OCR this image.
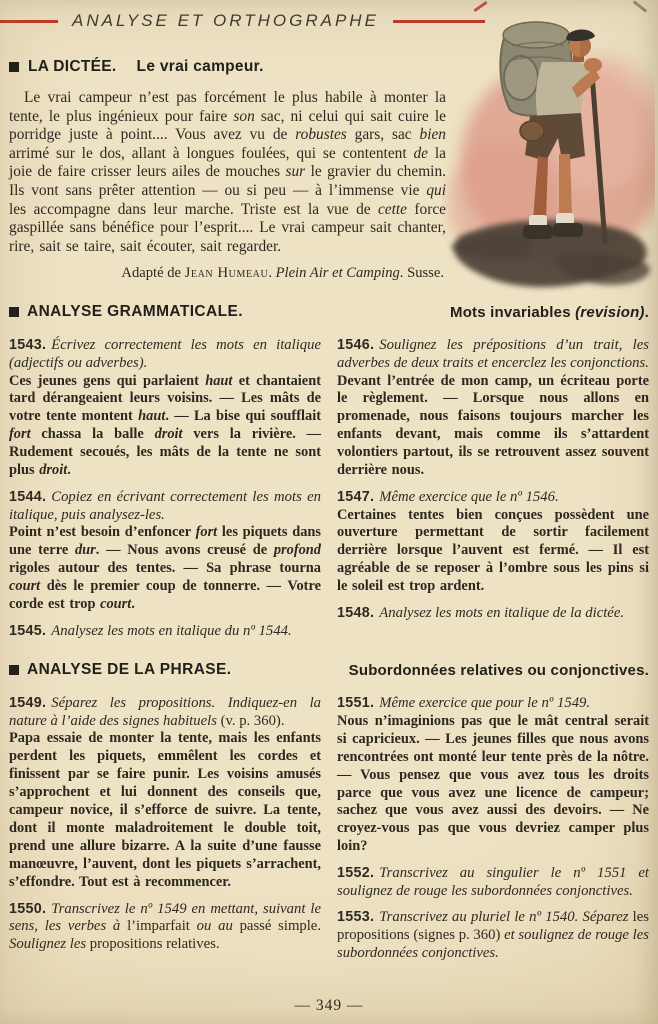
ANALYSE ET ORTHOGRAPHE
LA DICTÉE. Le vrai campeur.

Le vrai campeur n’est pas forcément le plus habile à monter la tente, le plus ingénieux pour faire son sac, ni celui qui sait cuire le porridge juste à point.... Vous avez vu de robustes gars, sac bien arrimé sur le dos, allant à longues foulées, qui se contentent de la joie de faire crisser leurs ailes de mouches sur le gravier du chemin. Ils vont sans prêter attention — ou si peu — à l’immense vie qui les accompagne dans leur marche. Triste est la vue de cette force gaspillée sans bénéfice pour l’esprit.... Le vrai campeur sait chanter, rire, sait se taire, sait écouter, sait regarder.

Adapté de Jean Humeau. Plein Air et Camping. Susse.

ANALYSE GRAMMATICALE.	Mots invariables (revision).

1543. Écrivez correctement les mots en italique (adjectifs ou adverbes).

Ces jeunes gens qui parlaient haut et chantaient tard dérangeaient leurs voisins. — Les mâts de votre tente montent haut. — La bise qui soufflait fort chassa la balle droit vers la rivière. — Rudement secoués, les mâts de la tente ne sont plus droit.

1544. Copiez en écrivant correctement les mots en italique, puis analysez-les.

Point n’est besoin d’enfoncer fort les piquets dans une terre dur. — Nous avons creusé de profond rigoles autour des tentes. — Sa phrase tourna court dès le premier coup de tonnerre. — Votre corde est trop court.

1545. Analysez les mots en italique du nº 1544.

1546. Soulignez les prépositions d’un trait, les adverbes de deux traits et encerclez les conjonctions.

Devant l’entrée de mon camp, un écriteau porte le règlement. — Lorsque nous allons en promenade, nous faisons toujours marcher les enfants devant, mais comme ils s’attardent volontiers partout, ils se retrouvent assez souvent derrière nous.

1547. Même exercice que le nº 1546.

Certaines tentes bien conçues possèdent une ouverture permettant de sortir facilement derrière lorsque l’auvent est fermé. — Il est agréable de se reposer à l’ombre sous les pins si le soleil est trop ardent.

1548. Analysez les mots en italique de la dictée.

ANALYSE DE LA PHRASE.	Subordonnées relatives ou conjonctives.

1549. Séparez les propositions. Indiquez-en la nature à l’aide des signes habituels (v. p. 360).

Papa essaie de monter la tente, mais les enfants perdent les piquets, emmêlent les cordes et finissent par se faire punir. Les voisins amusés s’approchent et lui donnent des conseils que, campeur novice, il s’efforce de suivre. La tente, dont il monte maladroitement le double toit, prend une allure bizarre. A la suite d’une fausse manœuvre, l’auvent, dont les piquets s’arrachent, s’effondre. Tout est à recommencer.

1550. Transcrivez le nº 1549 en mettant, suivant le sens, les verbes à l’imparfait ou au passé simple. Soulignez les propositions relatives.

1551. Même exercice que pour le nº 1549.

Nous n’imaginions pas que le mât central serait si capricieux. — Les jeunes filles que nous avons rencontrées ont monté leur tente près de la nôtre. — Vous pensez que vous avez tous les droits parce que vous avez une licence de campeur; sachez que vous avez aussi des devoirs. — Ne croyez-vous pas que vous devriez camper plus loin?

1552. Transcrivez au singulier le nº 1551 et soulignez de rouge les subordonnées conjonctives.

1553. Transcrivez au pluriel le nº 1540. Séparez les propositions (signes p. 360) et soulignez de rouge les subordonnées conjonctives.

— 349 —
